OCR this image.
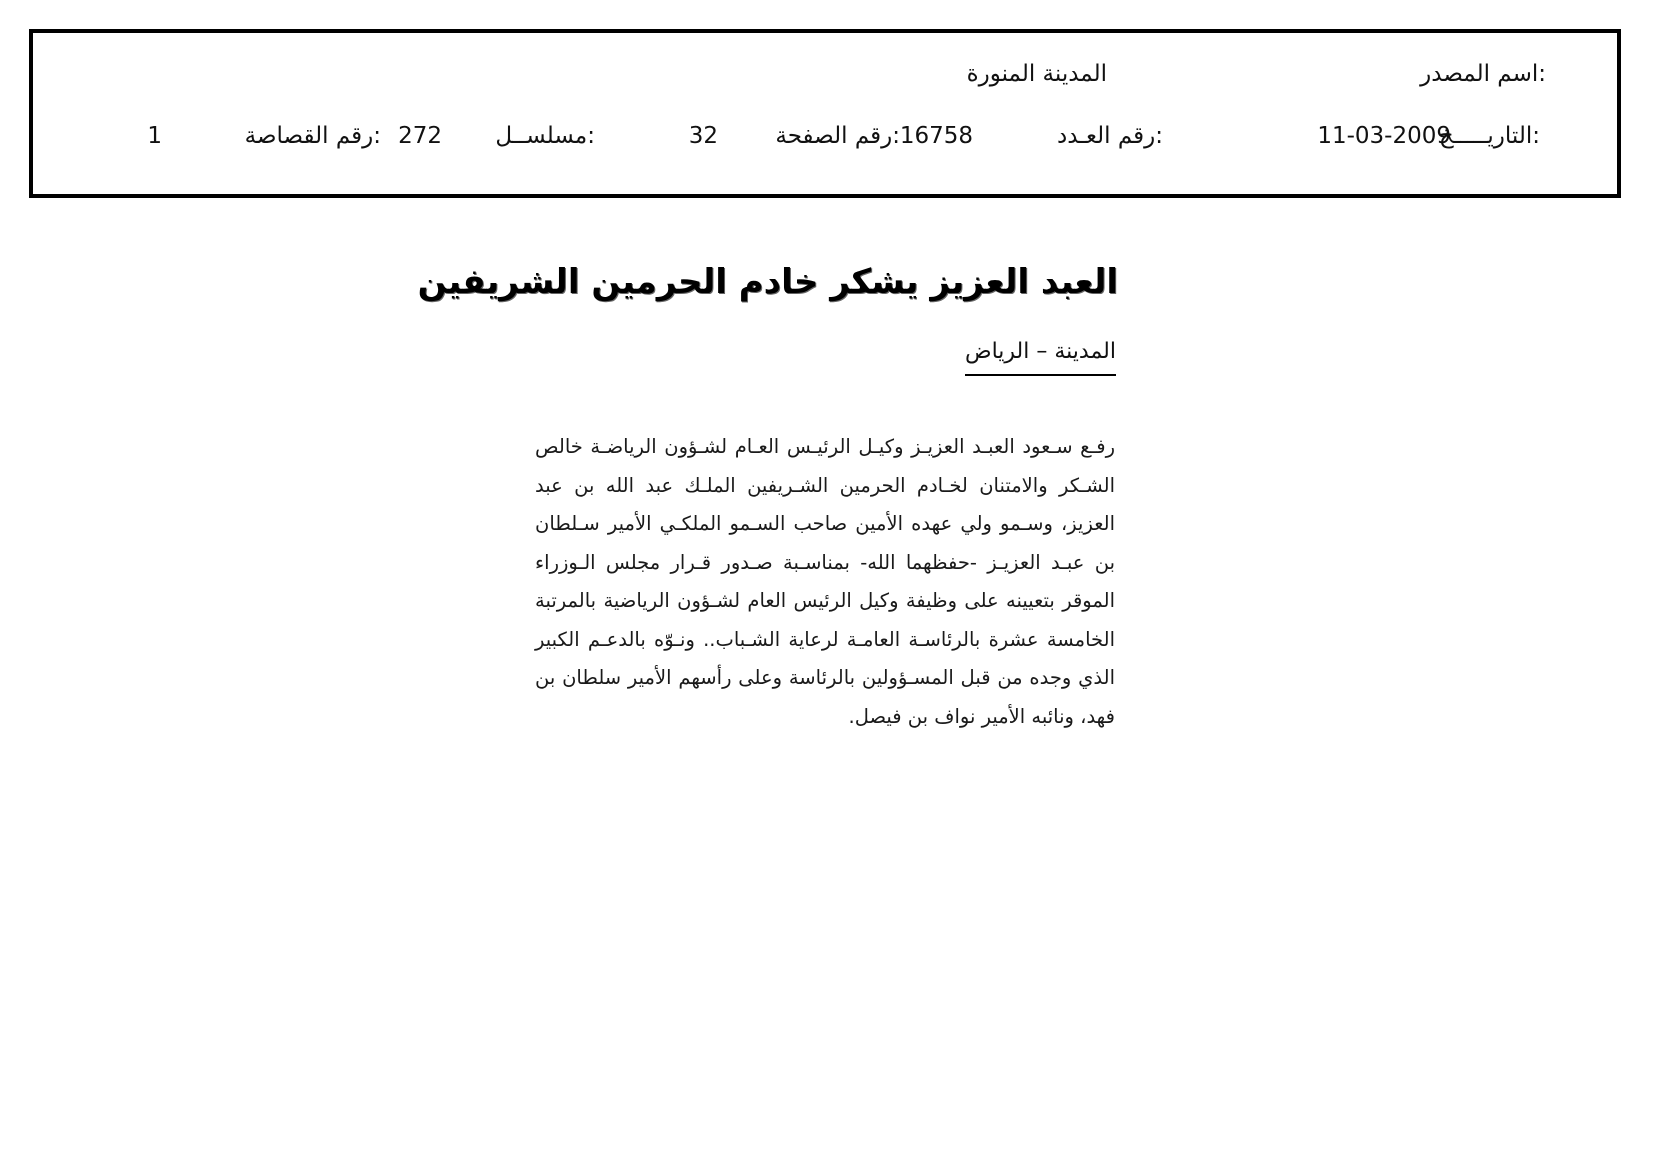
اسم المصدر:
المدينة المنورة
التاريـــــخ:
11-03-2009
رقم العـدد:
16758
رقم الصفحة:
32
مسلســل:
272
رقم القصاصة:
1
العبد العزيز يشكر خادم الحرمين الشريفين
المدينة – الرياض
رفـع سـعود العبـد العزيـز وكيـل الرئيـس العـام لشـؤون الرياضـة خالص الشـكر والامتنان لخـادم الحرمين الشـريفين الملـك عبد الله بن عبد العزيز، وسـمو ولي عهده الأمين صاحب السـمو الملكـي الأمير سـلطان بن عبـد العزيـز -حفظهما الله- بمناسـبة صـدور قـرار مجلس الـوزراء الموقر بتعيينه على وظيفة وكيل الرئيس العام لشـؤون الرياضية بالمرتبة الخامسة عشرة بالرئاسـة العامـة لرعاية الشـباب.. ونـوّه بالدعـم الكبير الذي وجده من قبل المسـؤولين بالرئاسة وعلى رأسهم الأمير سلطان بن فهد، ونائبه الأمير نواف بن فيصل.
